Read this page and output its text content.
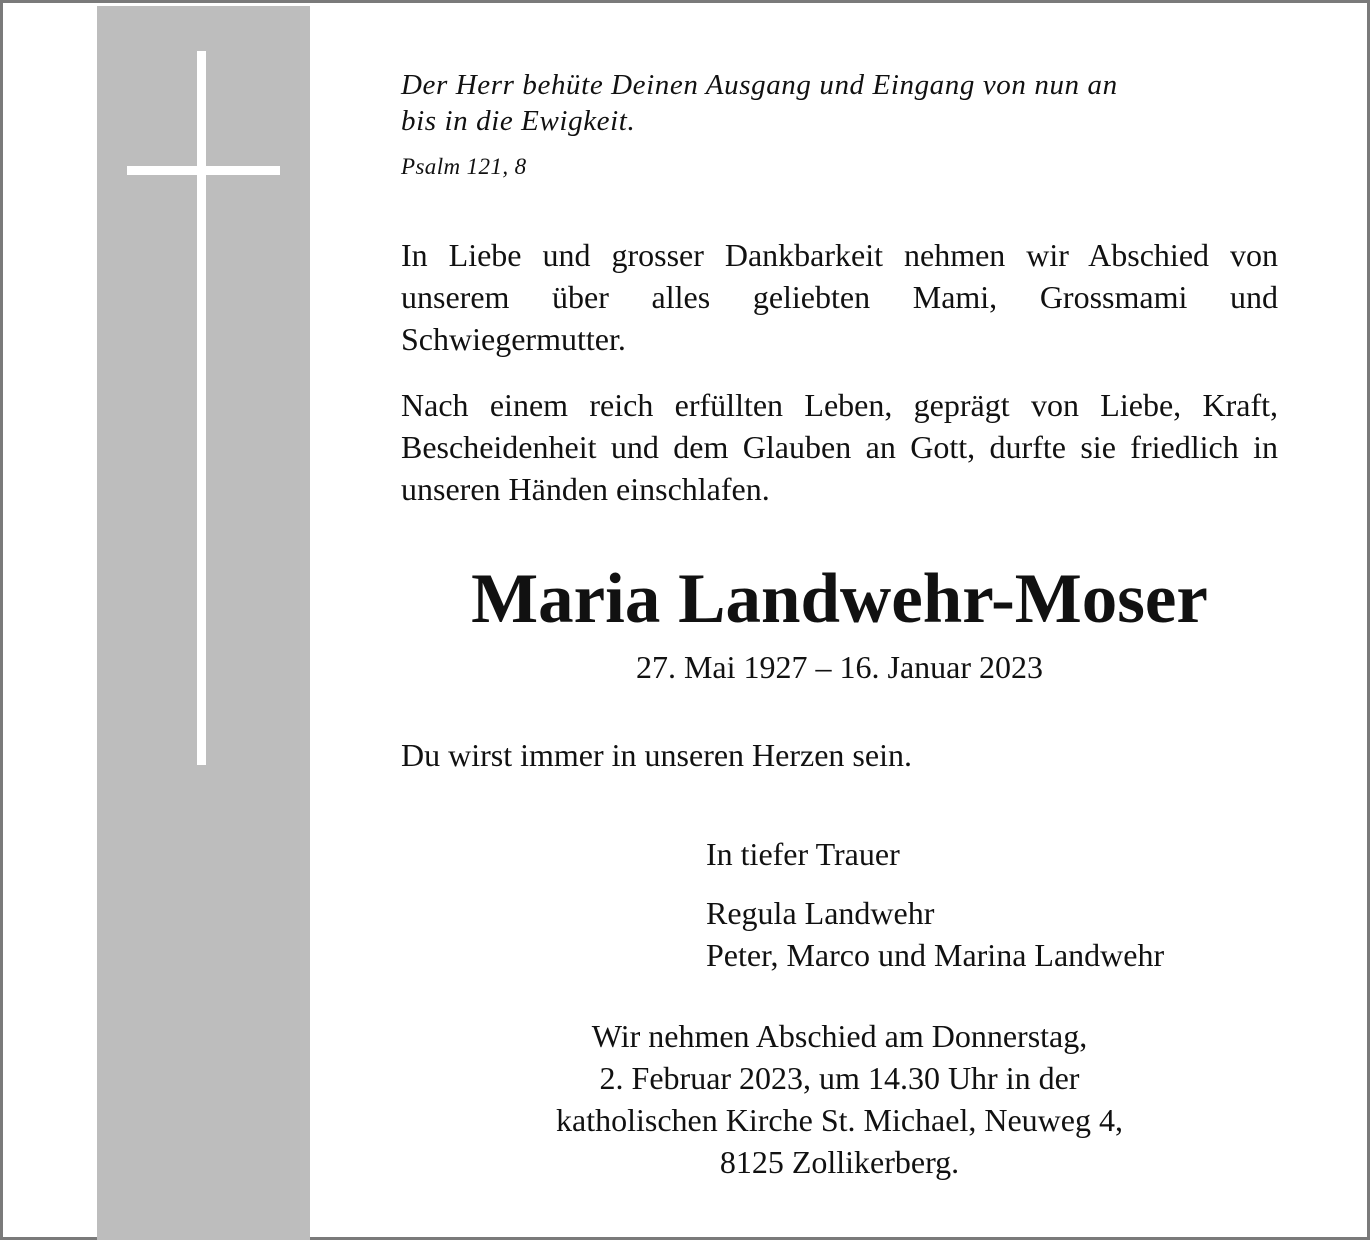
Der Herr behüte Deinen Ausgang und Eingang von nun an
bis in die Ewigkeit.
Psalm 121, 8

In Liebe und grosser Dankbarkeit nehmen wir Abschied von unserem über alles geliebten Mami, Grossmami und Schwiegermutter.

Nach einem reich erfüllten Leben, geprägt von Liebe, Kraft, Bescheidenheit und dem Glauben an Gott, durfte sie friedlich in unseren Händen einschlafen.

Maria Landwehr-Moser
27. Mai 1927 – 16. Januar 2023
Du wirst immer in unseren Herzen sein.
In tiefer Trauer
Regula Landwehr
Peter, Marco und Marina Landwehr
Wir nehmen Abschied am Donnerstag,
2. Februar 2023, um 14.30 Uhr in der
katholischen Kirche St. Michael, Neuweg 4,
8125 Zollikerberg.
